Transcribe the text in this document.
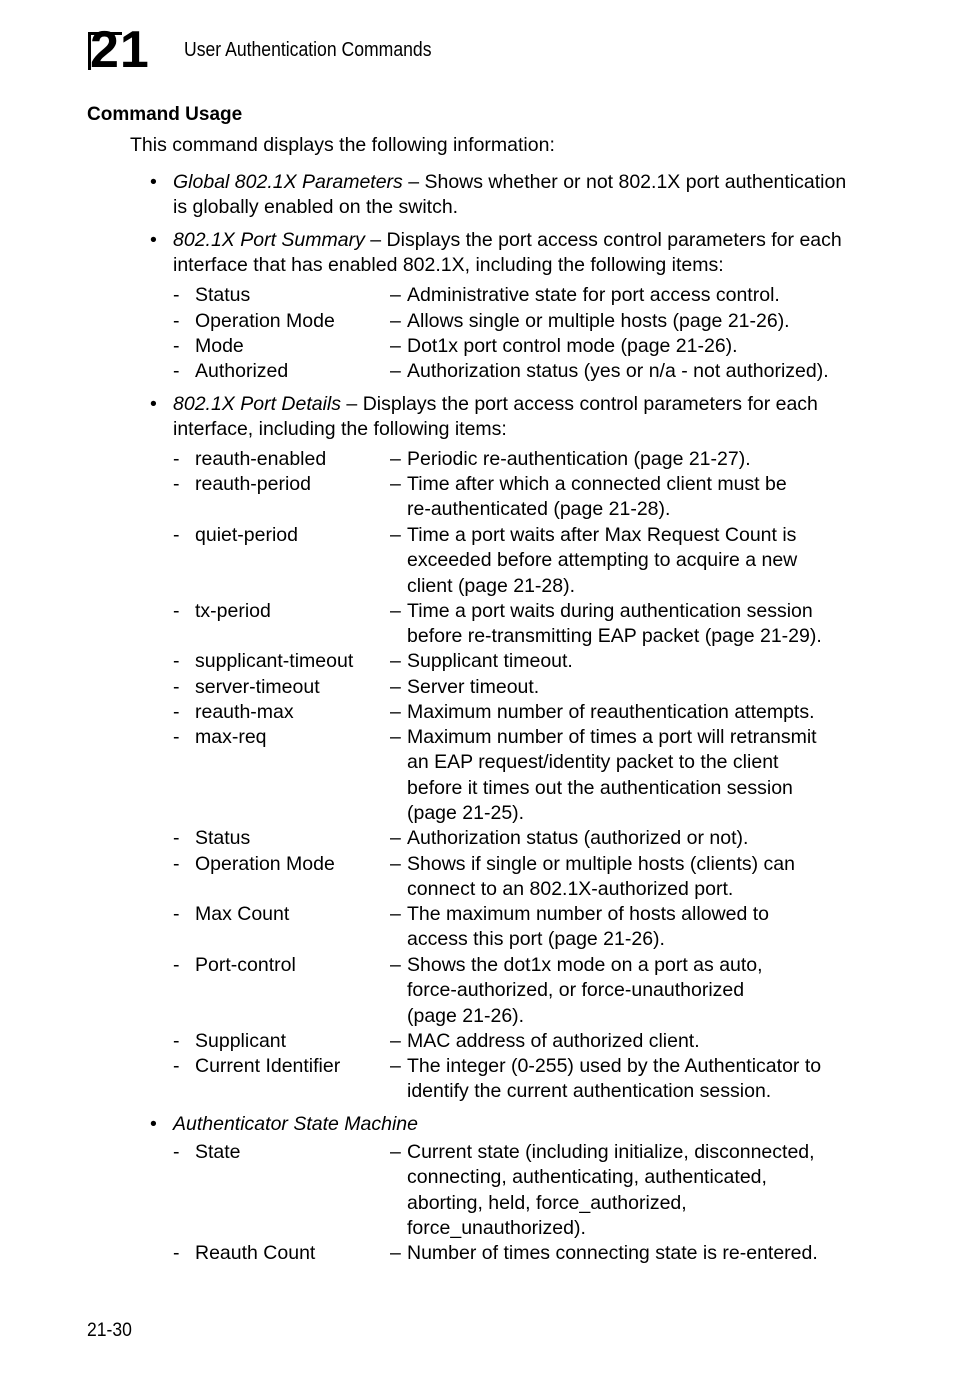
21 User Authentication Commands
Command Usage
This command displays the following information:
• Global 802.1X Parameters – Shows whether or not 802.1X port authentication is globally enabled on the switch.
• 802.1X Port Summary – Displays the port access control parameters for each interface that has enabled 802.1X, including the following items:
- Status	– Administrative state for port access control.
- Operation Mode	– Allows single or multiple hosts (page 21-26).
- Mode	– Dot1x port control mode (page 21-26).
- Authorized	– Authorization status (yes or n/a - not authorized).
• 802.1X Port Details – Displays the port access control parameters for each interface, including the following items:
- reauth-enabled	– Periodic re-authentication (page 21-27).
- reauth-period	– Time after which a connected client must be
re-authenticated (page 21-28).
- quiet-period	– Time a port waits after Max Request Count is
exceeded before attempting to acquire a new
client (page 21-28).
- tx-period	– Time a port waits during authentication session
before re-transmitting EAP packet (page 21-29).
- supplicant-timeout – Supplicant timeout.
- server-timeout	– Server timeout.
- reauth-max	– Maximum number of reauthentication attempts.
- max-req	– Maximum number of times a port will retransmit
an EAP request/identity packet to the client
before it times out the authentication session
(page 21-25).
- Status	– Authorization status (authorized or not).
- Operation Mode	– Shows if single or multiple hosts (clients) can
connect to an 802.1X-authorized port.
- Max Count	– The maximum number of hosts allowed to
access this port (page 21-26).
- Port-control	– Shows the dot1x mode on a port as auto,
force-authorized, or force-unauthorized
(page 21-26).
- Supplicant	– MAC address of authorized client.
- Current Identifier	– The integer (0-255) used by the Authenticator to
identify the current authentication session.
• Authenticator State Machine
- State	– Current state (including initialize, disconnected,
connecting, authenticating, authenticated,
aborting, held, force_authorized,
force_unauthorized).
- Reauth Count	– Number of times connecting state is re-entered.
21-30
